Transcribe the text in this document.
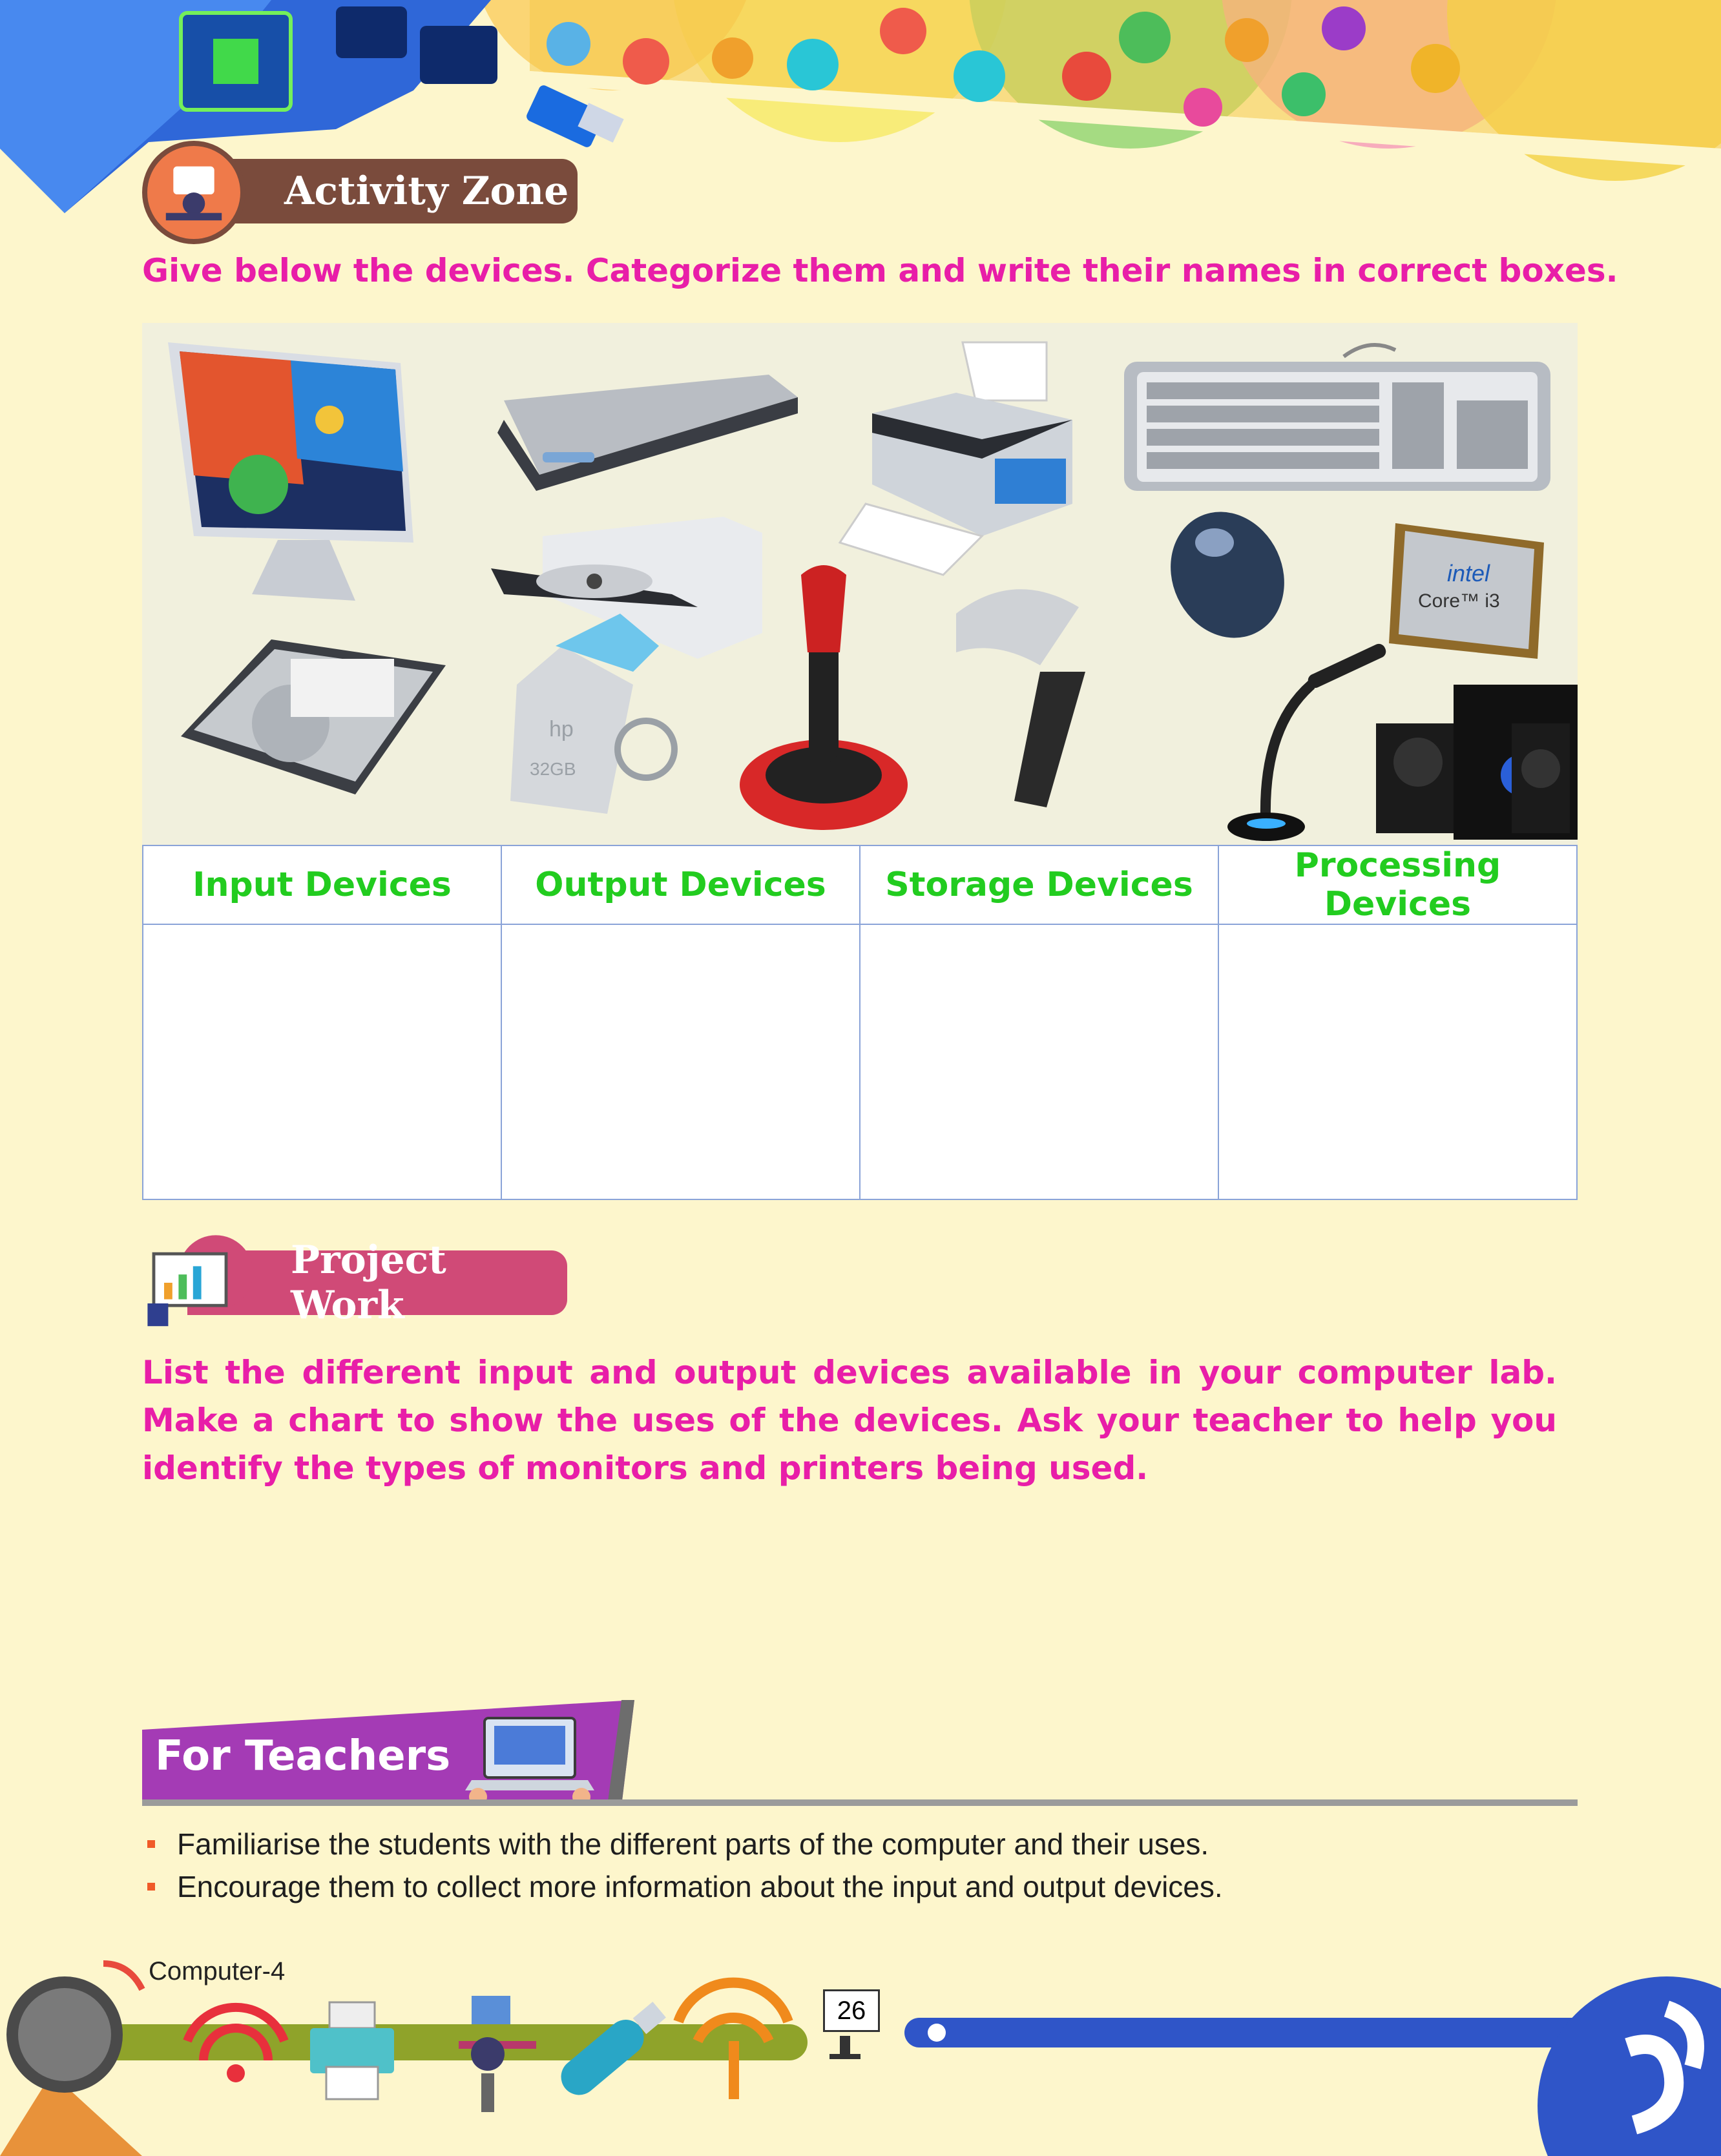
Activity Zone
Give below the devices. Categorize them and write their names in correct boxes.
intel
Core™ i3
hp
32GB
Input Devices	Output Devices	Storage Devices	Processing Devices

Project Work
List the different input and output devices available in your computer lab. Make a chart to show the uses of the devices. Ask your teacher to help you identify the types of monitors and printers being used.
For Teachers
Familiarise the students with the different parts of the computer and their uses.
Encourage them to collect more information about the input and output devices.
Computer-4
26
